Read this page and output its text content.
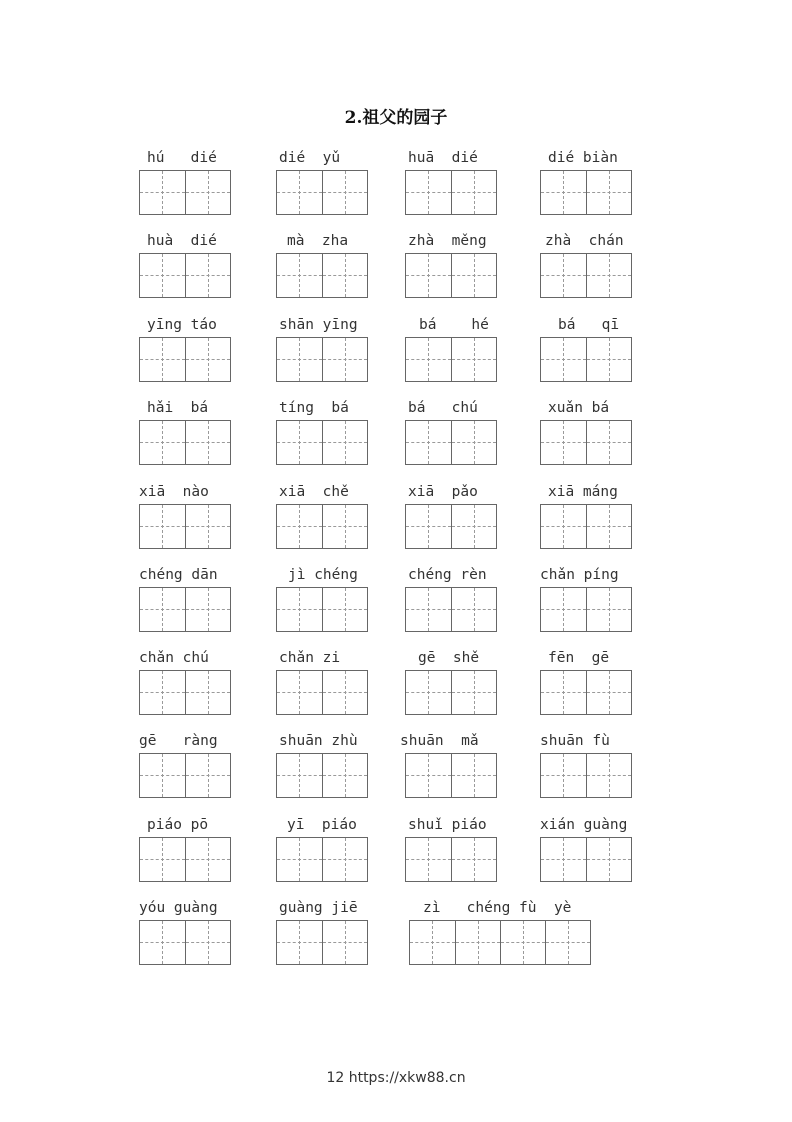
2.祖父的园子
hú   dié	dié  yǔ	huā  dié	dié biàn
huà  dié	mà  zha	zhà  měng	zhà  chán
yīng táo	shān yīng	bá    hé	bá   qī
hǎi  bá	tíng  bá	bá   chú	xuǎn bá
xiā  nào	xiā  chě	xiā  pǎo	xiā máng
chéng dān	jì chéng	chéng rèn	chǎn píng
chǎn chú	chǎn zi	gē  shě	fēn  gē
gē   ràng	shuān zhù	shuān  mǎ	shuān fù
piáo pō	yī  piáo	shuǐ piáo	xián guàng
yóu guàng	guàng jiē	zì   chéng fù  yè
12 https://xkw88.cn
